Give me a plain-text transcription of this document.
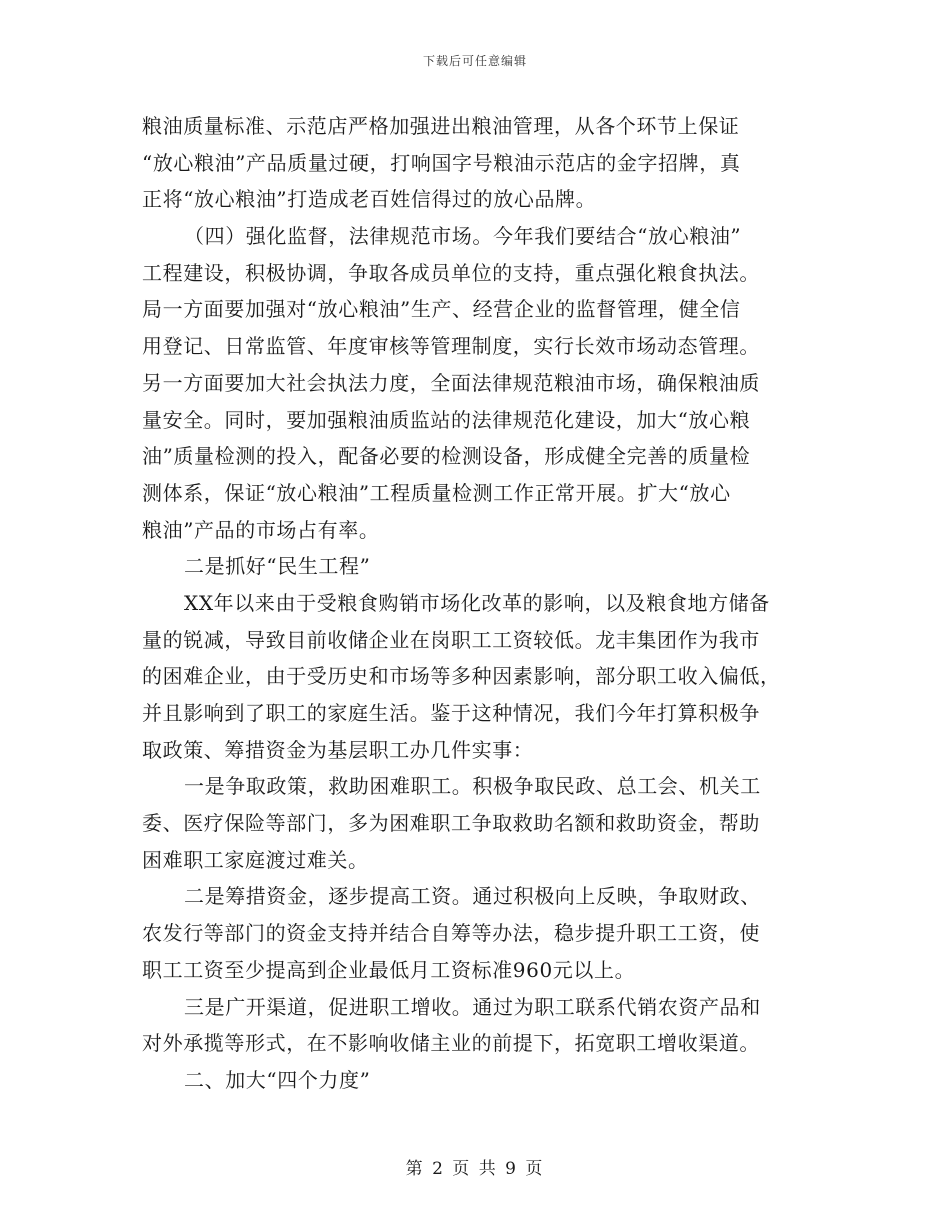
下载后可任意编辑
粮油质量标准、示范店严格加强进出粮油管理，从各个环节上保证
“放心粮油”产品质量过硬，打响国字号粮油示范店的金字招牌，真
正将“放心粮油”打造成老百姓信得过的放心品牌。
（四）强化监督，法律规范市场。今年我们要结合“放心粮油”
工程建设，积极协调，争取各成员单位的支持，重点强化粮食执法。
局一方面要加强对“放心粮油”生产、经营企业的监督管理，健全信
用登记、日常监管、年度审核等管理制度，实行长效市场动态管理。
另一方面要加大社会执法力度，全面法律规范粮油市场，确保粮油质
量安全。同时，要加强粮油质监站的法律规范化建设，加大“放心粮
油”质量检测的投入，配备必要的检测设备，形成健全完善的质量检
测体系，保证“放心粮油”工程质量检测工作正常开展。扩大“放心
粮油”产品的市场占有率。
二是抓好“民生工程”
XX年以来由于受粮食购销市场化改革的影响，以及粮食地方储备
量的锐减，导致目前收储企业在岗职工工资较低。龙丰集团作为我市
的困难企业，由于受历史和市场等多种因素影响，部分职工收入偏低，
并且影响到了职工的家庭生活。鉴于这种情况，我们今年打算积极争
取政策、筹措资金为基层职工办几件实事：
一是争取政策，救助困难职工。积极争取民政、总工会、机关工
委、医疗保险等部门，多为困难职工争取救助名额和救助资金，帮助
困难职工家庭渡过难关。
二是筹措资金，逐步提高工资。通过积极向上反映，争取财政、
农发行等部门的资金支持并结合自筹等办法，稳步提升职工工资，使
职工工资至少提高到企业最低月工资标准960元以上。
三是广开渠道，促进职工增收。通过为职工联系代销农资产品和
对外承揽等形式，在不影响收储主业的前提下，拓宽职工增收渠道。
二、加大“四个力度”
第 2 页 共 9 页
